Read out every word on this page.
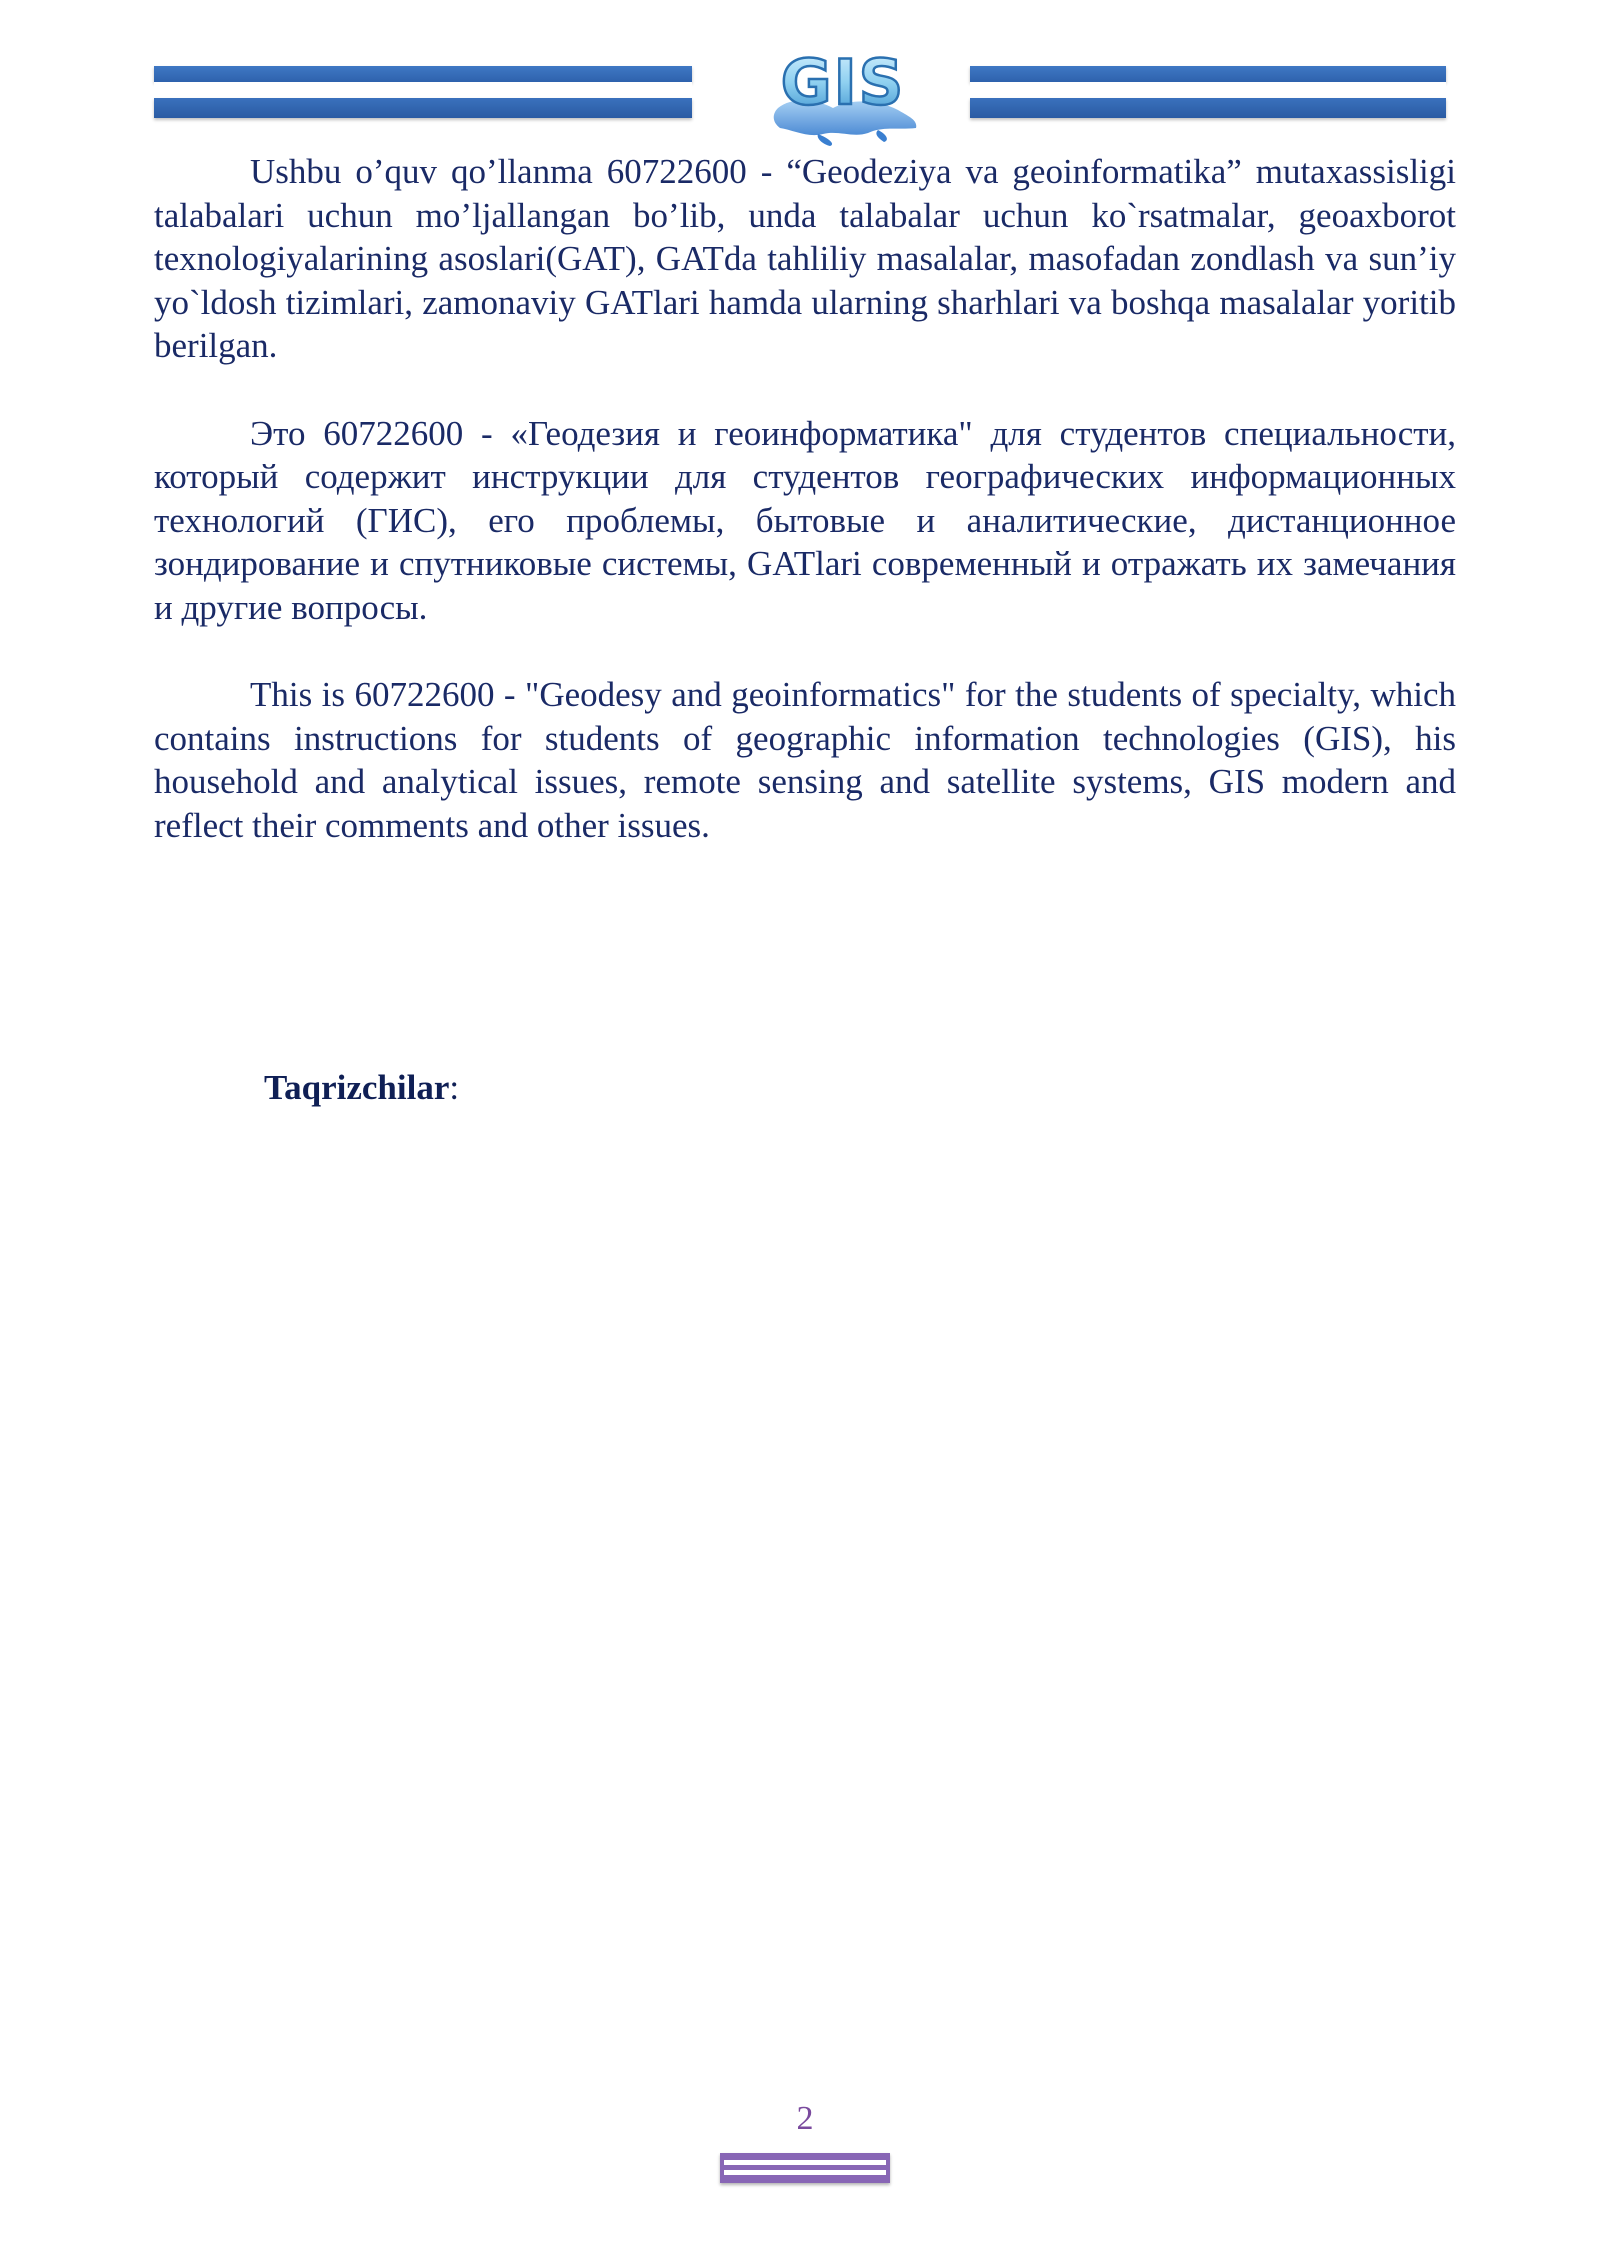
GIS

Ushbu o’quv qo’llanma 60722600 - “Geodeziya va geoinformatika” mutaxassisligi talabalari uchun mo’ljallangan bo’lib, unda talabalar uchun ko`rsatmalar, geoaxborot texnologiyalarining asoslari(GAT), GATda tahliliy masalalar, masofadan zondlash va sun’iy yo`ldosh tizimlari, zamonaviy GATlari hamda ularning sharhlari va boshqa masalalar yoritib berilgan.

Это 60722600 - «Геодезия и геоинформатика" для студентов специальности, который содержит инструкции для студентов географических информационных технологий (ГИС), его проблемы, бытовые и аналитические, дистанционное зондирование и спутниковые системы, GATlari современный и отражать их замечания и другие вопросы.

This is 60722600 - "Geodesy and geoinformatics" for the students of specialty, which contains instructions for students of geographic information technologies (GIS), his household and analytical issues, remote sensing and satellite systems, GIS modern and reflect their comments and other issues.

Taqrizchilar:
2
